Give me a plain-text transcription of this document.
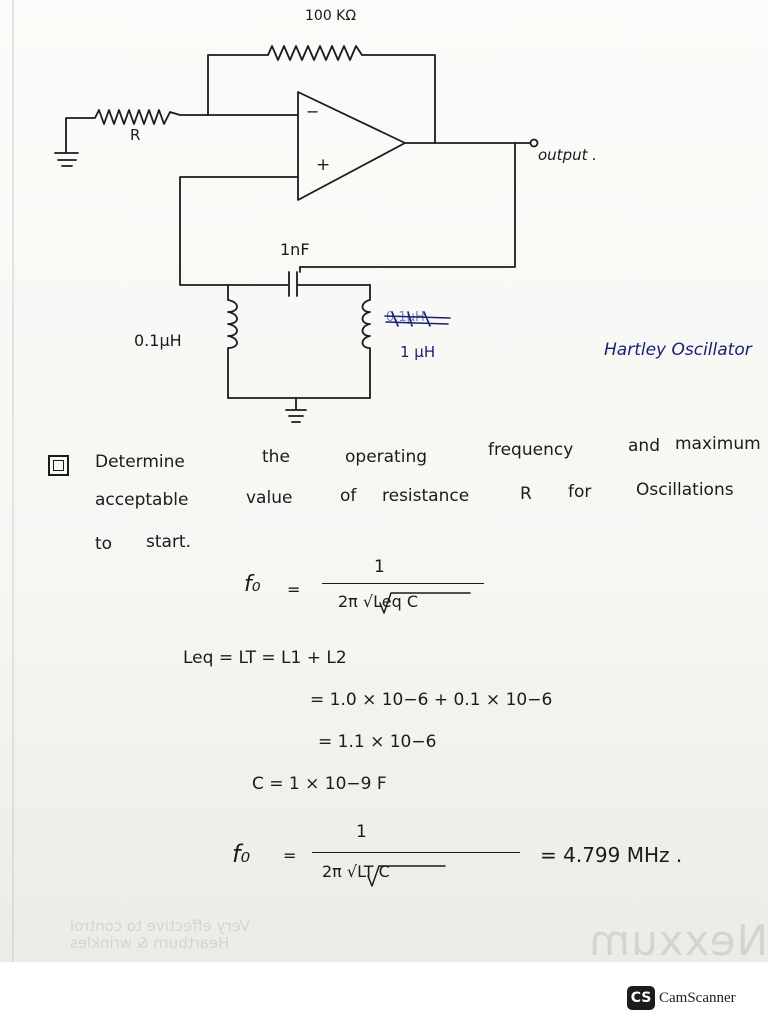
Nexxum
Very effective to control
Heartburn & wrinkles
100 KΩ
R
−
+	output .
1nF
0.1μH
0.1μH
1 μH	Hartley Oscillator
Determine	the	operating	frequency	and maximum
acceptable	value	of resistance	R for	Oscillations
to start.
f₀ =
1
2π √Leq C
Leq = LT = L1 + L2
= 1.0 × 10−6 + 0.1 × 10−6
= 1.1 × 10−6
C = 1 × 10−9 F
f₀ =
1
2π √LT C
= 4.799 MHz .
CS CamScanner
